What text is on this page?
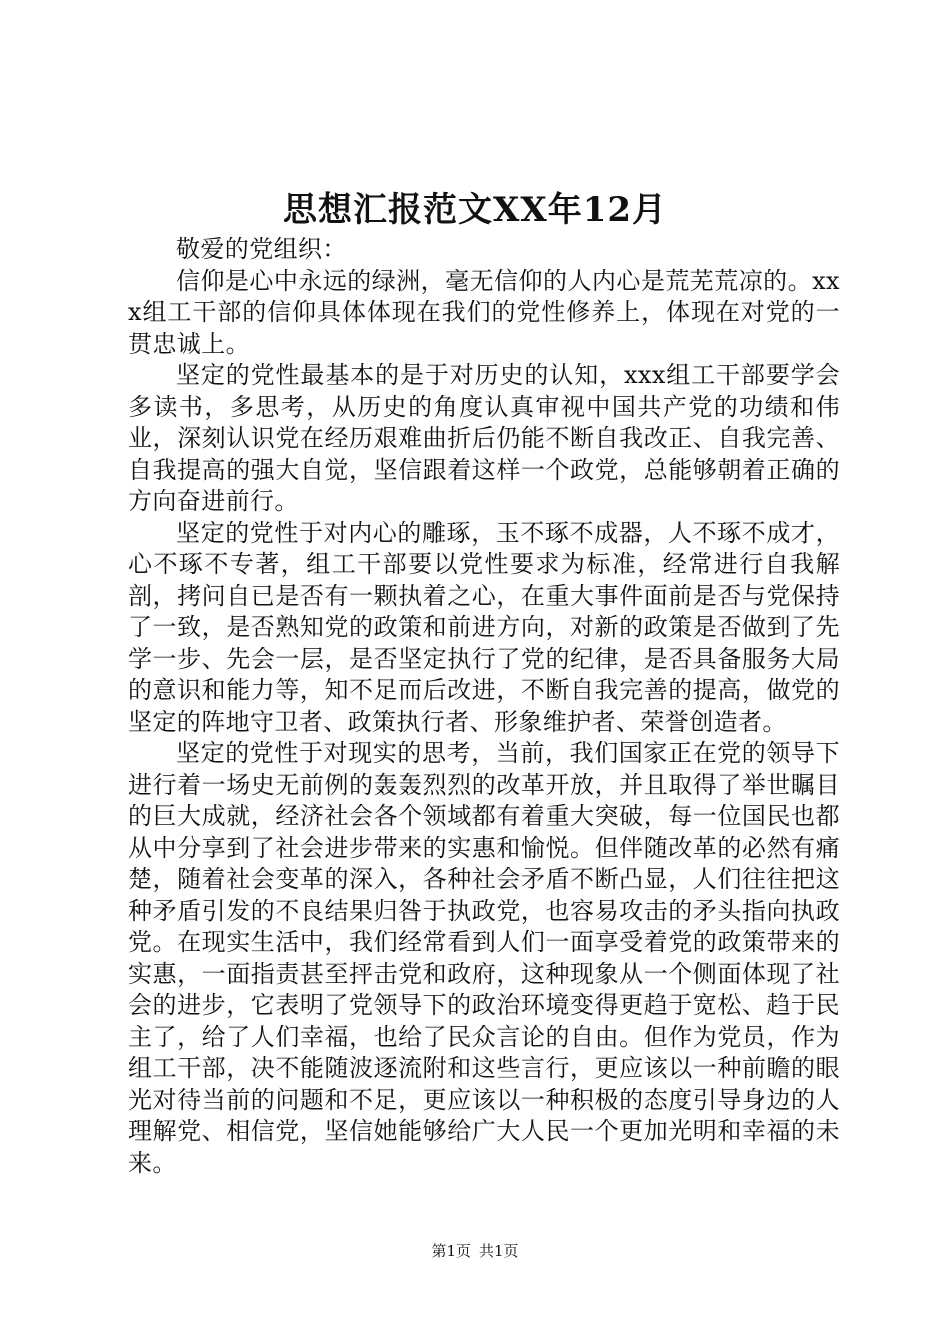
思想汇报范文XX年12月

敬爱的党组织：

信仰是心中永远的绿洲，毫无信仰的人内心是荒芜荒凉的。xxx组工干部的信仰具体体现在我们的党性修养上，体现在对党的一贯忠诚上。

坚定的党性最基本的是于对历史的认知，xxx组工干部要学会多读书，多思考，从历史的角度认真审视中国共产党的功绩和伟业，深刻认识党在经历艰难曲折后仍能不断自我改正、自我完善、自我提高的强大自觉，坚信跟着这样一个政党，总能够朝着正确的方向奋进前行。

坚定的党性于对内心的雕琢，玉不琢不成器，人不琢不成才，心不琢不专著，组工干部要以党性要求为标准，经常进行自我解剖，拷问自已是否有一颗执着之心，在重大事件面前是否与党保持了一致，是否熟知党的政策和前进方向，对新的政策是否做到了先学一步、先会一层，是否坚定执行了党的纪律，是否具备服务大局的意识和能力等，知不足而后改进，不断自我完善的提高，做党的坚定的阵地守卫者、政策执行者、形象维护者、荣誉创造者。

坚定的党性于对现实的思考，当前，我们国家正在党的领导下进行着一场史无前例的轰轰烈烈的改革开放，并且取得了举世瞩目的巨大成就，经济社会各个领域都有着重大突破，每一位国民也都从中分享到了社会进步带来的实惠和愉悦。但伴随改革的必然有痛楚，随着社会变革的深入，各种社会矛盾不断凸显，人们往往把这种矛盾引发的不良结果归咎于执政党，也容易攻击的矛头指向执政党。在现实生活中，我们经常看到人们一面享受着党的政策带来的实惠，一面指责甚至抨击党和政府，这种现象从一个侧面体现了社会的进步，它表明了党领导下的政治环境变得更趋于宽松、趋于民主了，给了人们幸福，也给了民众言论的自由。但作为党员，作为组工干部，决不能随波逐流附和这些言行，更应该以一种前瞻的眼光对待当前的问题和不足，更应该以一种积极的态度引导身边的人理解党、相信党，坚信她能够给广大人民一个更加光明和幸福的未来。

第1页 共1页
